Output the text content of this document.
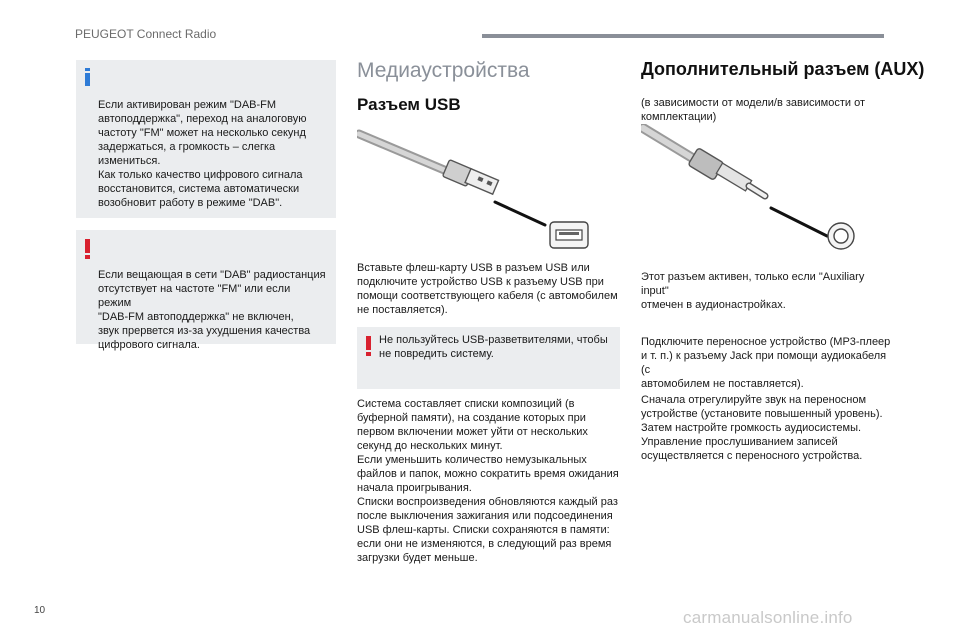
PEUGEOT Connect Radio

Если активирован режим "DAB-FM
автоподдержка", переход на аналоговую
частоту "FM" может на несколько секунд
задержаться, а громкость – слегка
измениться.
Как только качество цифрового сигнала
восстановится, система автоматически
возобновит работу в режиме "DAB".

Если вещающая в сети "DAB" радиостанция
отсутствует на частоте "FM" или если режим
"DAB-FM автоподдержка" не включен,
звук прервется из-за ухудшения качества
цифрового сигнала.

Медиаустройства
Разъем USB

Вставьте флеш-карту USB в разъем USB или
подключите устройство USB к разъему USB при
помощи соответствующего кабеля (с автомобилем
не поставляется).

Не пользуйтесь USB-разветвителями, чтобы
не повредить систему.

Система составляет списки композиций (в
буферной памяти), на создание которых при
первом включении может уйти от нескольких
секунд до нескольких минут.
Если уменьшить количество немузыкальных
файлов и папок, можно сократить время ожидания
начала проигрывания.
Списки воспроизведения обновляются каждый раз
после выключения зажигания или подсоединения
USB флеш-карты. Списки сохраняются в памяти:
если они не изменяются, в следующий раз время
загрузки будет меньше.

Дополнительный разъем (AUX)

(в зависимости от модели/в зависимости от
комплектации)

Этот разъем активен, только если "Auxiliary input"
отмечен в аудионастройках.

Подключите переносное устройство (MP3-плеер
и т. п.) к разъему Jack при помощи аудиокабеля (с
автомобилем не поставляется).

Сначала отрегулируйте звук на переносном
устройстве (установите повышенный уровень).
Затем настройте громкость аудиосистемы.
Управление прослушиванием записей
осуществляется с переносного устройства.

10	carmanualsonline.info
